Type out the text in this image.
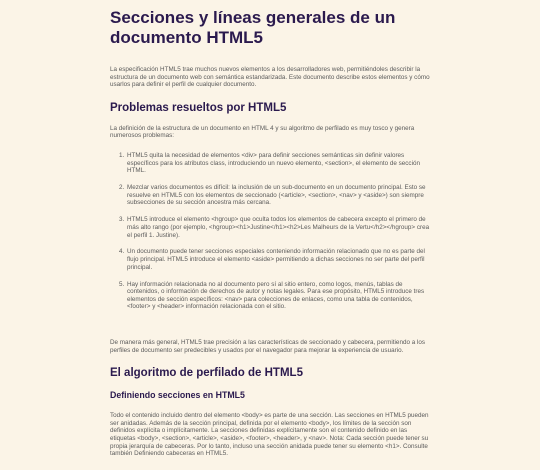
Secciones y líneas generales de un documento HTML5

La especificación HTML5 trae muchos nuevos elementos a los desarrolladores web, permitiéndoles describir la estructura de un documento web con semántica estandarizada. Este documento describe estos elementos y cómo usarlos para definir el perfil de cualquier documento.

Problemas resueltos por HTML5

La definición de la estructura de un documento en HTML 4 y su algoritmo de perfilado es muy tosco y genera numerosos problemas:

1. HTML5 quita la necesidad de elementos <div> para definir secciones semánticas sin definir valores específicos para los atributos class, introduciendo un nuevo elemento, <section>, el elemento de sección HTML.
2. Mezclar varios documentos es difícil: la inclusión de un sub-documento en un documento principal. Esto se resuelve en HTML5 con los elementos de seccionado (<article>, <section>, <nav> y <aside>) son siempre subsecciones de su sección ancestra más cercana.
3. HTML5 introduce el elemento <hgroup> que oculta todos los elementos de cabecera excepto el primero de más alto rango (por ejemplo, <hgroup><h1>Justine</h1><h2>Les Malheurs de la Vertu</h2></hgroup> crea el perfil 1. Justine).
4. Un documento puede tener secciones especiales conteniendo información relacionado que no es parte del flujo principal. HTML5 introduce el elemento <aside> permitiendo a dichas secciones no ser parte del perfil principal.
5. Hay información relacionada no al documento pero sí al sitio entero, como logos, menús, tablas de contenidos, o información de derechos de autor y notas legales. Para ese propósito, HTML5 introduce tres elementos de sección específicos: <nav> para colecciones de enlaces, como una tabla de contenidos, <footer> y <header> información relacionada con el sitio.

De manera más general, HTML5 trae precisión a las características de seccionado y cabecera, permitiendo a los perfiles de documento ser predecibles y usados por el navegador para mejorar la experiencia de usuario.

El algoritmo de perfilado de HTML5
Definiendo secciones en HTML5

Todo el contenido incluido dentro del elemento <body> es parte de una sección. Las secciones en HTML5 pueden ser anidadas. Además de la sección principal, definida por el elemento <body>, los límites de la sección son definidos explícita o implícitamente. La secciones definidas explícitamente son el contenido definido en las etiquetas <body>, <section>, <article>, <aside>, <footer>, <header>, y <nav>. Nota: Cada sección puede tener su propia jerarquía de cabeceras. Por lo tanto, incluso una sección anidada puede tener su elemento <h1>. Consulte también Definiendo cabeceras en HTML5.
